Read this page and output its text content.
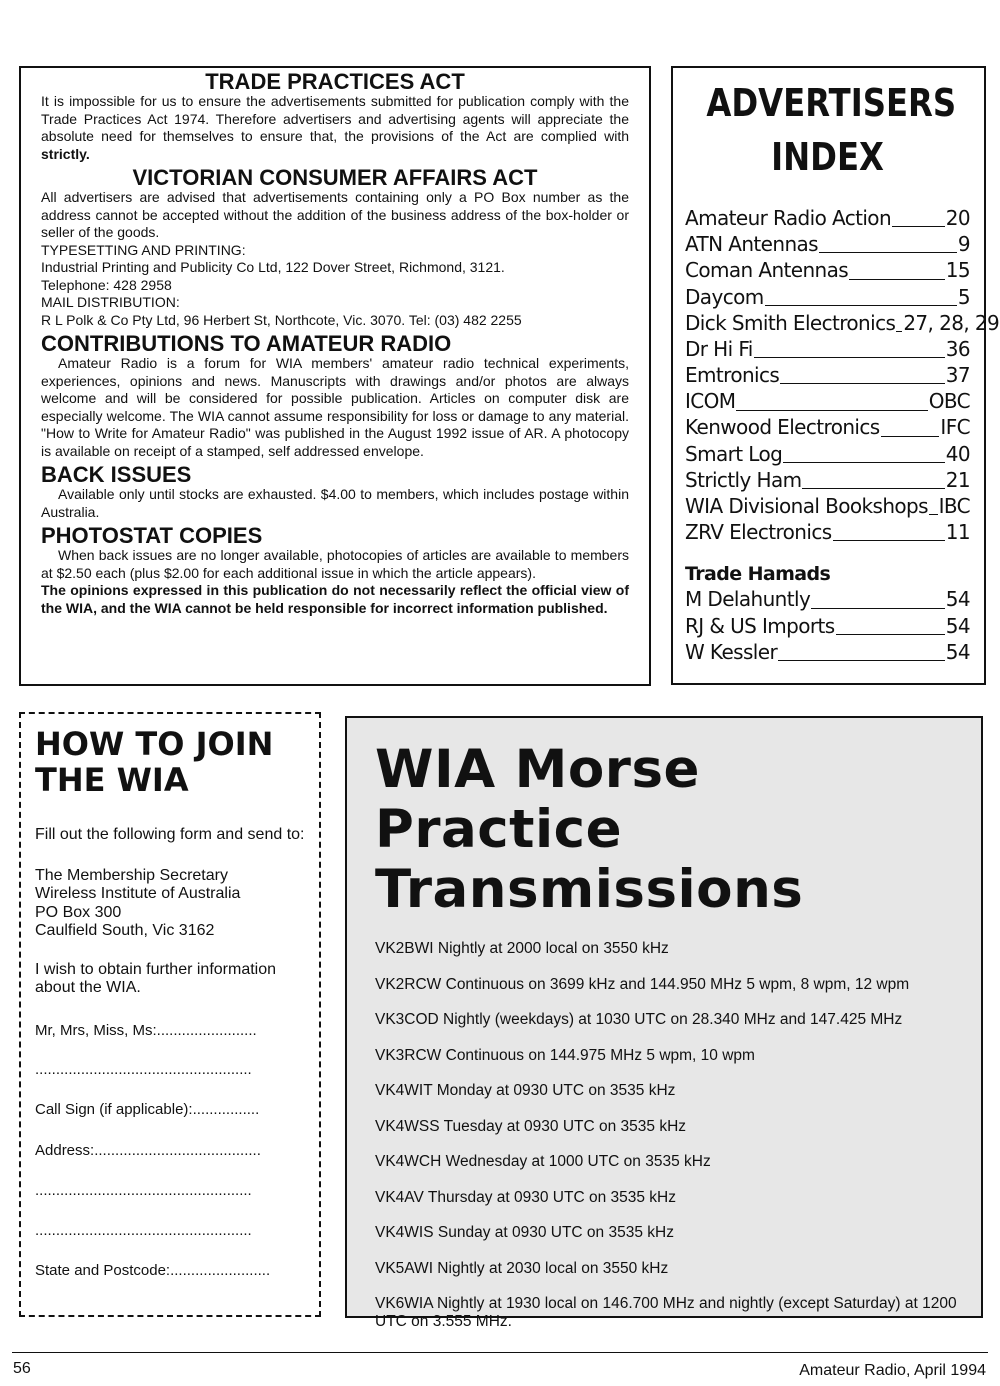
TRADE PRACTICES ACT

It is impossible for us to ensure the advertisements submitted for publication comply with the Trade Practices Act 1974. Therefore advertisers and advertising agents will appreciate the absolute need for themselves to ensure that, the provisions of the Act are complied with strictly.

VICTORIAN CONSUMER AFFAIRS ACT

All advertisers are advised that advertisements containing only a PO Box number as the address cannot be accepted without the addition of the business address of the box-holder or seller of the goods.

TYPESETTING AND PRINTING:

Industrial Printing and Publicity Co Ltd, 122 Dover Street, Richmond, 3121.

Telephone: 428 2958

MAIL DISTRIBUTION:

R L Polk & Co Pty Ltd, 96 Herbert St, Northcote, Vic. 3070. Tel: (03) 482 2255

CONTRIBUTIONS TO AMATEUR RADIO

Amateur Radio is a forum for WIA members' amateur radio technical experiments, experiences, opinions and news. Manuscripts with drawings and/or photos are always welcome and will be considered for possible publication. Articles on computer disk are especially welcome. The WIA cannot assume responsibility for loss or damage to any material. "How to Write for Amateur Radio" was published in the August 1992 issue of AR. A photocopy is available on receipt of a stamped, self addressed envelope.

BACK ISSUES

Available only until stocks are exhausted. $4.00 to members, which includes postage within Australia.

PHOTOSTAT COPIES

When back issues are no longer available, photocopies of articles are available to members at $2.50 each (plus $2.00 for each additional issue in which the article appears).

The opinions expressed in this publication do not necessarily reflect the official view of the WIA, and the WIA cannot be held responsible for incorrect information published.

ADVERTISERS
INDEX
Amateur Radio Action	20
ATN Antennas	9
Coman Antennas	15
Daycom	5
Dick Smith Electronics 27, 28, 29
Dr Hi Fi	36
Emtronics	37
ICOM	OBC
Kenwood Electronics	IFC
Smart Log	40
Strictly Ham	21
WIA Divisional Bookshops IBC
ZRV Electronics	11
Trade Hamads
M Delahuntly	54
RJ & US Imports	54
W Kessler	54
HOW TO JOIN
THE WIA

Fill out the following form and send to:

The Membership Secretary

Wireless Institute of Australia

PO Box 300

Caulfield South, Vic 3162

I wish to obtain further information about the WIA.

Mr, Mrs, Miss, Ms:........................
....................................................
Call Sign (if applicable):................
Address:........................................
....................................................
....................................................
State and Postcode:........................
WIA Morse Practice
Transmissions
VK2BWI Nightly at 2000 local on 3550 kHz
VK2RCW Continuous on 3699 kHz and 144.950 MHz 5 wpm, 8 wpm, 12 wpm
VK3COD Nightly (weekdays) at 1030 UTC on 28.340 MHz and 147.425 MHz
VK3RCW Continuous on 144.975 MHz 5 wpm, 10 wpm
VK4WIT Monday at 0930 UTC on 3535 kHz
VK4WSS Tuesday at 0930 UTC on 3535 kHz
VK4WCH Wednesday at 1000 UTC on 3535 kHz
VK4AV Thursday at 0930 UTC on 3535 kHz
VK4WIS Sunday at 0930 UTC on 3535 kHz
VK5AWI Nightly at 2030 local on 3550 kHz
VK6WIA Nightly at 1930 local on 146.700 MHz and nightly (except Saturday) at 1200 UTC on 3.555 MHz.
56	Amateur Radio, April 1994
